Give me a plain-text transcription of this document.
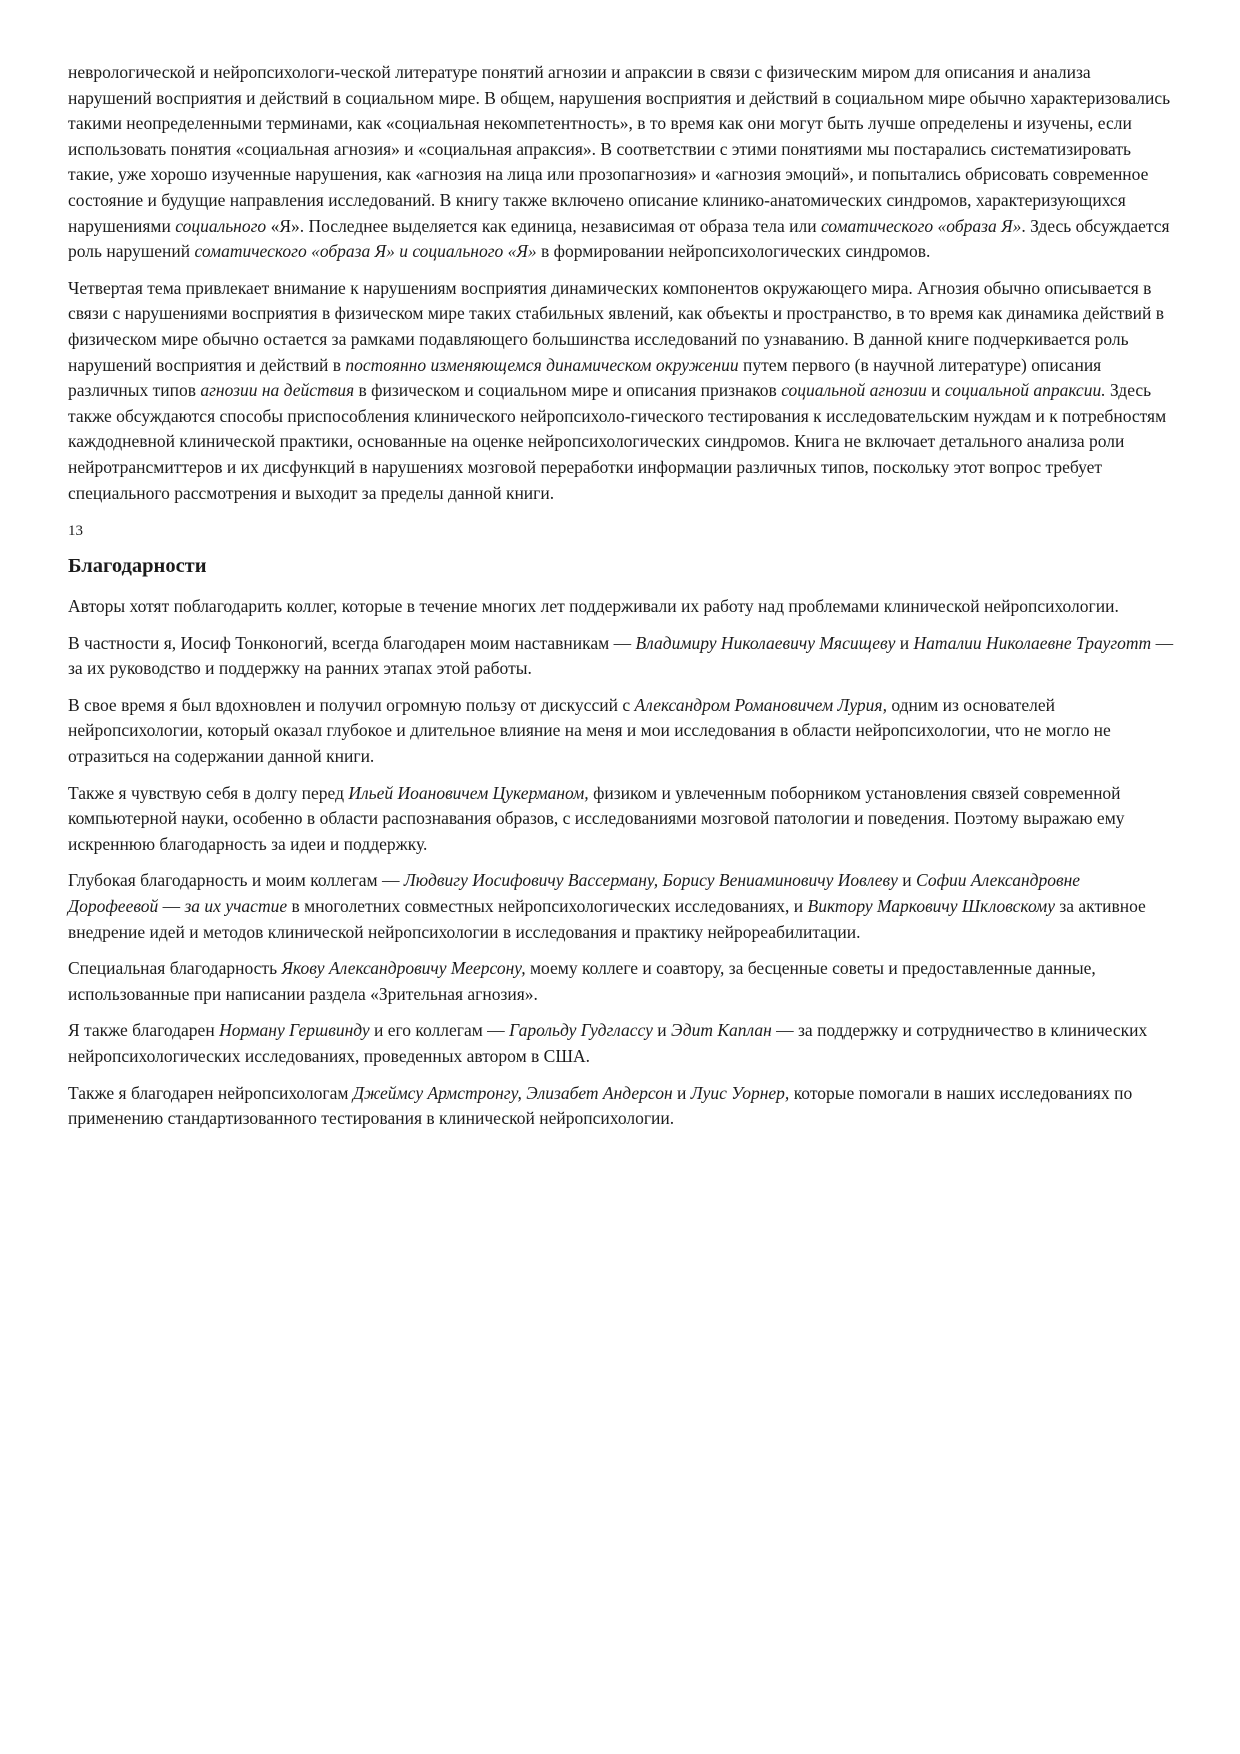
неврологической и нейропсихологи-ческой литературе понятий агнозии и апраксии в связи с физическим миром для описания и анализа нарушений восприятия и действий в социальном мире. В общем, нарушения восприятия и действий в социальном мире обычно характеризовались такими неопределенными терминами, как «социальная некомпетентность», в то время как они могут быть лучше определены и изучены, если использовать понятия «социальная агнозия» и «социальная апраксия». В соответствии с этими понятиями мы постарались систематизировать такие, уже хорошо изученные нарушения, как «агнозия на лица или прозопагнозия» и «агнозия эмоций», и попытались обрисовать современное состояние и будущие направления исследований. В книгу также включено описание клинико-анатомических синдромов, характеризующихся нарушениями социального «Я». Последнее выделяется как единица, независимая от образа тела или соматического «образа Я». Здесь обсуждается роль нарушений соматического «образа Я» и социального «Я» в формировании нейропсихологических синдромов.

Четвертая тема привлекает внимание к нарушениям восприятия динамических компонентов окружающего мира. Агнозия обычно описывается в связи с нарушениями восприятия в физическом мире таких стабильных явлений, как объекты и пространство, в то время как динамика действий в физическом мире обычно остается за рамками подавляющего большинства исследований по узнаванию. В данной книге подчеркивается роль нарушений восприятия и действий в постоянно изменяющемся динамическом окружении путем первого (в научной литературе) описания различных типов агнозии на действия в физическом и социальном мире и описания признаков социальной агнозии и социальной апраксии. Здесь также обсуждаются способы приспособления клинического нейропсихоло-гического тестирования к исследовательским нуждам и к потребностям каждодневной клинической практики, основанные на оценке нейропсихологических синдромов. Книга не включает детального анализа роли нейротрансмиттеров и их дисфункций в нарушениях мозговой переработки информации различных типов, поскольку этот вопрос требует специального рассмотрения и выходит за пределы данной книги.

13
Благодарности

Авторы хотят поблагодарить коллег, которые в течение многих лет поддерживали их работу над проблемами клинической нейропсихологии.

В частности я, Иосиф Тонконогий, всегда благодарен моим наставникам — Владимиру Николаевичу Мясищеву и Наталии Николаевне Трауготт — за их руководство и поддержку на ранних этапах этой работы.

В свое время я был вдохновлен и получил огромную пользу от дискуссий с Александром Романовичем Лурия, одним из основателей нейропсихологии, который оказал глубокое и длительное влияние на меня и мои исследования в области нейропсихологии, что не могло не отразиться на содержании данной книги.

Также я чувствую себя в долгу перед Ильей Иоановичем Цукерманом, физиком и увлеченным поборником установления связей современной компьютерной науки, особенно в области распознавания образов, с исследованиями мозговой патологии и поведения. Поэтому выражаю ему искреннюю благодарность за идеи и поддержку.

Глубокая благодарность и моим коллегам — Людвигу Иосифовичу Вассерману, Борису Вениаминовичу Иовлеву и Софии Александровне Дорофеевой — за их участие в многолетних совместных нейропсихологических исследованиях, и Виктору Марковичу Шкловскому за активное внедрение идей и методов клинической нейропсихологии в исследования и практику нейрореабилитации.

Специальная благодарность Якову Александровичу Меерсону, моему коллеге и соавтору, за бесценные советы и предоставленные данные, использованные при написании раздела «Зрительная агнозия».

Я также благодарен Норману Гершвинду и его коллегам — Гарольду Гудглассу и Эдит Каплан — за поддержку и сотрудничество в клинических нейропсихологических исследованиях, проведенных автором в США.

Также я благодарен нейропсихологам Джеймсу Армстронгу, Элизабет Андерсон и Луис Уорнер, которые помогали в наших исследованиях по применению стандартизованного тестирования в клинической нейропсихологии.
